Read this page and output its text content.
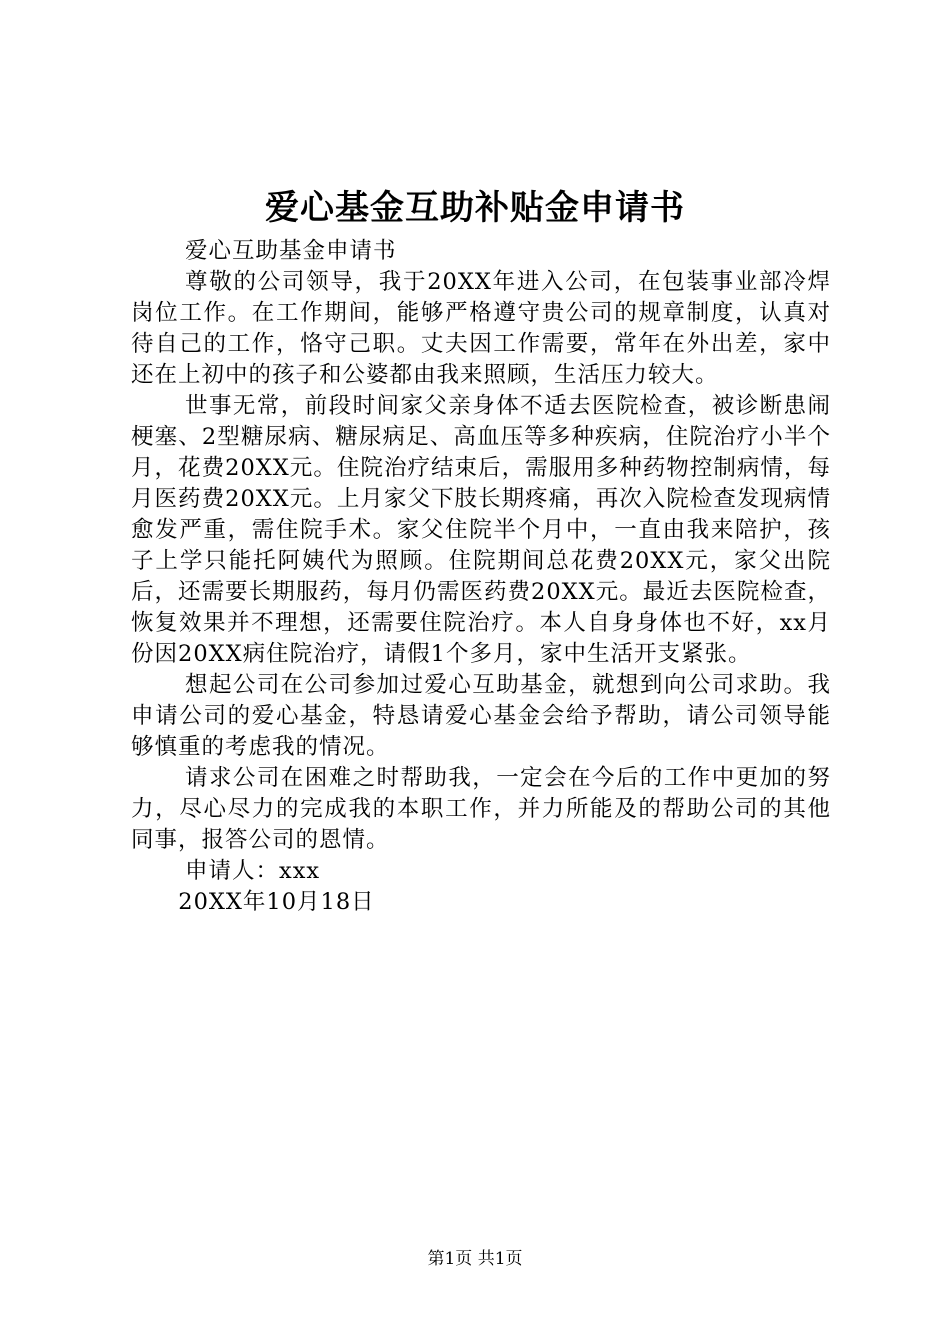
爱心基金互助补贴金申请书

爱心互助基金申请书

尊敬的公司领导，我于20XX年进入公司，在包装事业部冷焊岗位工作。在工作期间，能够严格遵守贵公司的规章制度，认真对待自己的工作，恪守己职。丈夫因工作需要，常年在外出差，家中还在上初中的孩子和公婆都由我来照顾，生活压力较大。

世事无常，前段时间家父亲身体不适去医院检查，被诊断患闹梗塞、2型糖尿病、糖尿病足、高血压等多种疾病，住院治疗小半个月，花费20XX元。住院治疗结束后，需服用多种药物控制病情，每月医药费20XX元。上月家父下肢长期疼痛，再次入院检查发现病情愈发严重，需住院手术。家父住院半个月中，一直由我来陪护，孩子上学只能托阿姨代为照顾。住院期间总花费20XX元，家父出院后，还需要长期服药，每月仍需医药费20XX元。最近去医院检查，恢复效果并不理想，还需要住院治疗。本人自身身体也不好，xx月份因20XX病住院治疗，请假1个多月，家中生活开支紧张。

想起公司在公司参加过爱心互助基金，就想到向公司求助。我申请公司的爱心基金，特恳请爱心基金会给予帮助，请公司领导能够慎重的考虑我的情况。

请求公司在困难之时帮助我，一定会在今后的工作中更加的努力，尽心尽力的完成我的本职工作，并力所能及的帮助公司的其他同事，报答公司的恩情。

申请人：xxx

20XX年10月18日

第1页 共1页
